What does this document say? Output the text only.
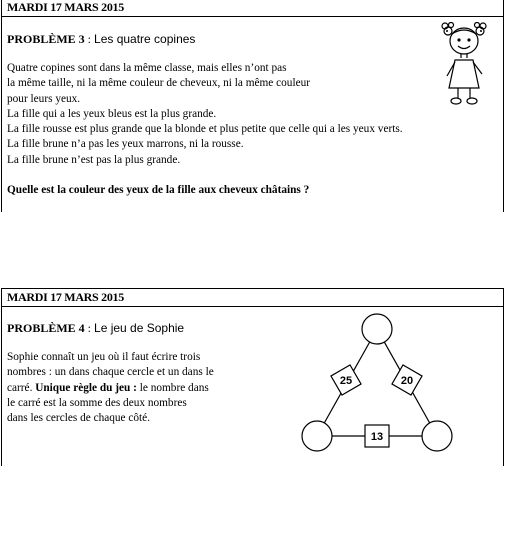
MARDI 17 MARS 2015
PROBLÈME 3 : Les quatre copines
Quatre copines sont dans la même classe, mais elles n’ont pas
la même taille, ni la même couleur de cheveux, ni la même couleur
pour leurs yeux.
La fille qui a les yeux bleus est la plus grande.
La fille rousse est plus grande que la blonde et plus petite que celle qui a les yeux verts.
La fille brune n’a pas les yeux marrons, ni la rousse.
La fille brune n’est pas la plus grande.
Quelle est la couleur des yeux de la fille aux cheveux châtains ?
MARDI 17 MARS 2015
PROBLÈME 4 : Le jeu de Sophie
Sophie connaît un jeu où il faut écrire trois
nombres : un dans chaque cercle et un dans le
carré. Unique règle du jeu : le nombre dans
le carré est la somme des deux nombres
dans les cercles de chaque côté.
25	20
13
